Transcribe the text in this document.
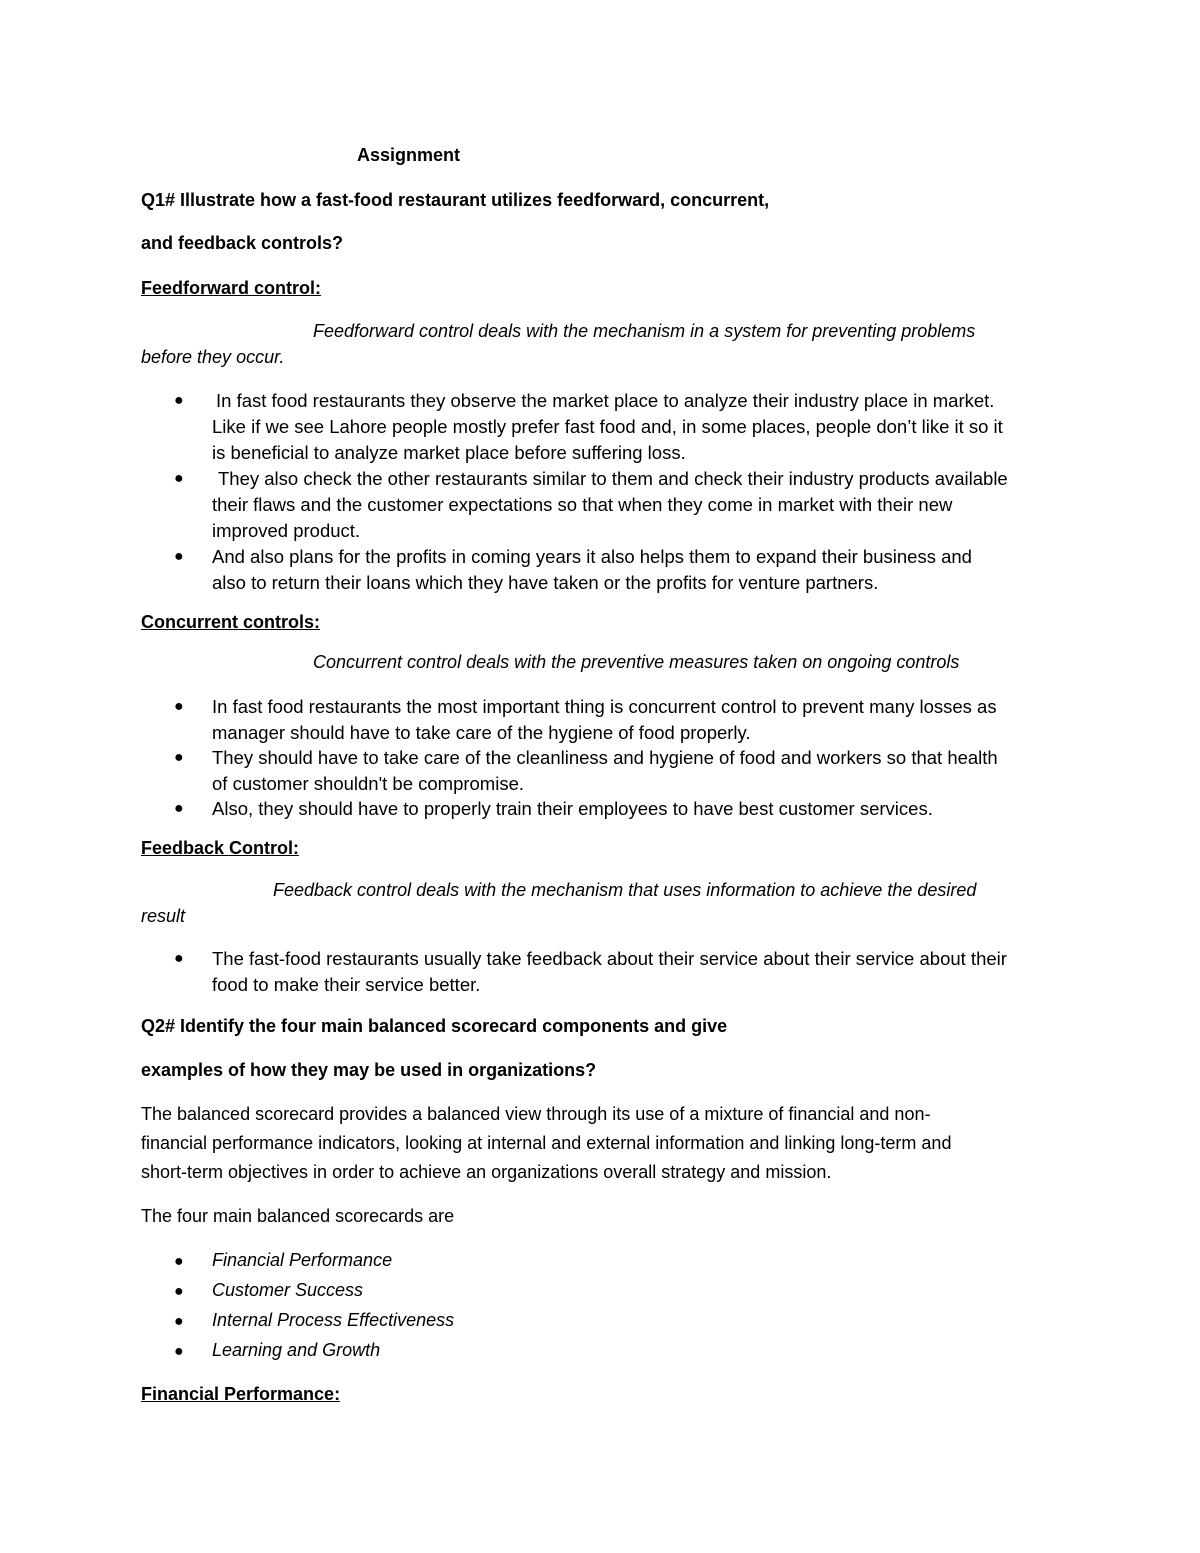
Assignment
Q1# Illustrate how a fast-food restaurant utilizes feedforward, concurrent,
and feedback controls?
Feedforward control:
Feedforward control deals with the mechanism in a system for preventing problems
before they occur.
● In fast food restaurants they observe the market place to analyze their industry place in market.
Like if we see Lahore people mostly prefer fast food and, in some places, people don’t like it so it
is beneficial to analyze market place before suffering loss.
● They also check the other restaurants similar to them and check their industry products available
their flaws and the customer expectations so that when they come in market with their new
improved product.
● And also plans for the profits in coming years it also helps them to expand their business and
also to return their loans which they have taken or the profits for venture partners.
Concurrent controls:
Concurrent control deals with the preventive measures taken on ongoing controls
● In fast food restaurants the most important thing is concurrent control to prevent many losses as
manager should have to take care of the hygiene of food properly.
● They should have to take care of the cleanliness and hygiene of food and workers so that health
of customer shouldn't be compromise.
● Also, they should have to properly train their employees to have best customer services.
Feedback Control:
Feedback control deals with the mechanism that uses information to achieve the desired
result
● The fast-food restaurants usually take feedback about their service about their service about their
food to make their service better.
Q2# Identify the four main balanced scorecard components and give
examples of how they may be used in organizations?
The balanced scorecard provides a balanced view through its use of a mixture of financial and non-
financial performance indicators, looking at internal and external information and linking long-term and
short-term objectives in order to achieve an organizations overall strategy and mission.
The four main balanced scorecards are
● Financial Performance
● Customer Success
● Internal Process Effectiveness
● Learning and Growth
Financial Performance:
